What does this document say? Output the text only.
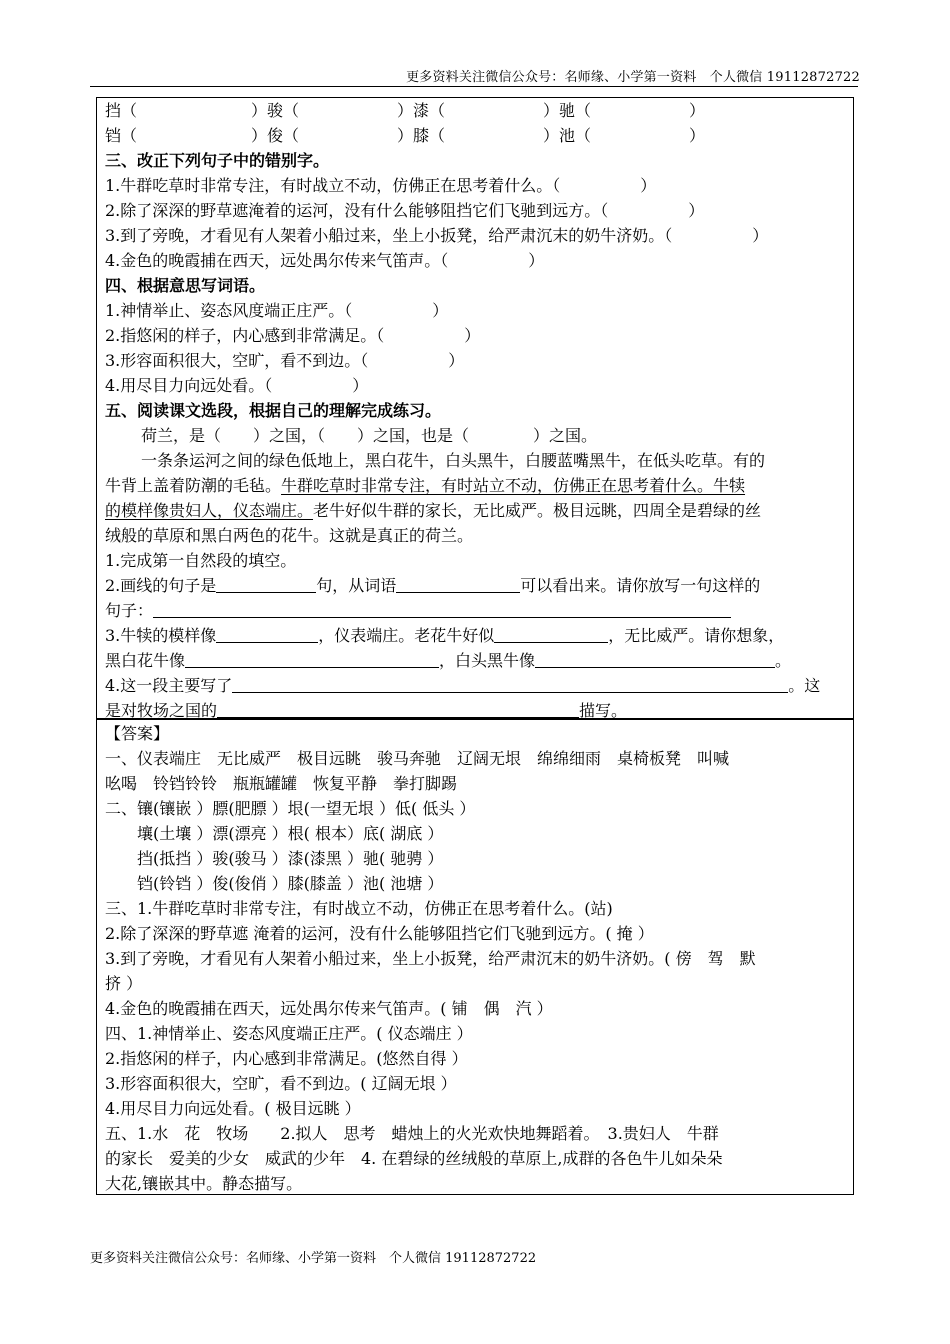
更多资料关注微信公众号：名师缘、小学第一资料　个人微信 19112872722
挡（	）骏（	）漆（	）驰（	）
铛（	）俊（	）膝（	）池（	）
三、改正下列句子中的错别字。
1.牛群吃草时非常专注，有时战立不动，仿佛正在思考着什么。（　　　　　）
2.除了深深的野草遮淹着的运河，没有什么能够阻挡它们飞驰到远方。（　　　　　）
3.到了旁晚，才看见有人架着小船过来，坐上小扳凳，给严肃沉末的奶牛济奶。（　　　　　）
4.金色的晚霞捕在西天，远处禺尔传来气笛声。（　　　　　）
四、根据意思写词语。
1.神情举止、姿态风度端正庄严。（　　　　　）
2.指悠闲的样子，内心感到非常满足。（　　　　　）
3.形容面积很大，空旷，看不到边。（　　　　　）
4.用尽目力向远处看。（　　　　　）
五、阅读课文选段，根据自己的理解完成练习。
荷兰，是（　　）之国，（　　）之国，也是（　　　　）之国。
一条条运河之间的绿色低地上，黑白花牛，白头黑牛，白腰蓝嘴黑牛，在低头吃草。有的
牛背上盖着防潮的毛毡。牛群吃草时非常专注，有时站立不动，仿佛正在思考着什么。牛犊
的模样像贵妇人，仪态端庄。老牛好似牛群的家长，无比威严。极目远眺，四周全是碧绿的丝
绒般的草原和黑白两色的花牛。这就是真正的荷兰。
1.完成第一自然段的填空。
2.画线的句子是	句，从词语	可以看出来。请你放写一句这样的
句子：
3.牛犊的模样像	，仪表端庄。老花牛好似	，无比威严。请你想象，
黑白花牛像	，白头黑牛像	。
4.这一段主要写了	。这
是对牧场之国的	描写。
【答案】
一、仪表端庄　无比威严　极目远眺　骏马奔驰　辽阔无垠　绵绵细雨　桌椅板凳　叫喊
吆喝　铃铛铃铃　瓶瓶罐罐　恢复平静　拳打脚踢
二、镶(镶嵌 ）膘(肥膘 ）垠(一望无垠 ）低( 低头 ）
　　壤(土壤 ）漂(漂亮 ）根( 根本）底( 湖底 ）
　　挡(抵挡 ）骏(骏马 ）漆(漆黑 ）驰( 驰骋 ）
　　铛(铃铛 ）俊(俊俏 ）膝(膝盖 ）池( 池塘 ）
三、1.牛群吃草时非常专注，有时战立不动，仿佛正在思考着什么。(站)
2.除了深深的野草遮 淹着的运河，没有什么能够阻挡它们飞驰到远方。( 掩 ）
3.到了旁晚，才看见有人架着小船过来，坐上小扳凳，给严肃沉末的奶牛济奶。( 傍　驾　默
挤 ）
4.金色的晚霞捕在西天，远处禺尔传来气笛声。( 铺　偶　汽 ）
四、1.神情举止、姿态风度端正庄严。( 仪态端庄 ）
2.指悠闲的样子，内心感到非常满足。(悠然自得 ）
3.形容面积很大，空旷，看不到边。( 辽阔无垠 ）
4.用尽目力向远处看。( 极目远眺 ）
五、1.水　花　牧场　　2.拟人　思考　蜡烛上的火光欢快地舞蹈着。　3.贵妇人　牛群
的家长　爱美的少女　威武的少年　4. 在碧绿的丝绒般的草原上,成群的各色牛儿如朵朵
大花,镶嵌其中。静态描写。
更多资料关注微信公众号：名师缘、小学第一资料　个人微信 19112872722
